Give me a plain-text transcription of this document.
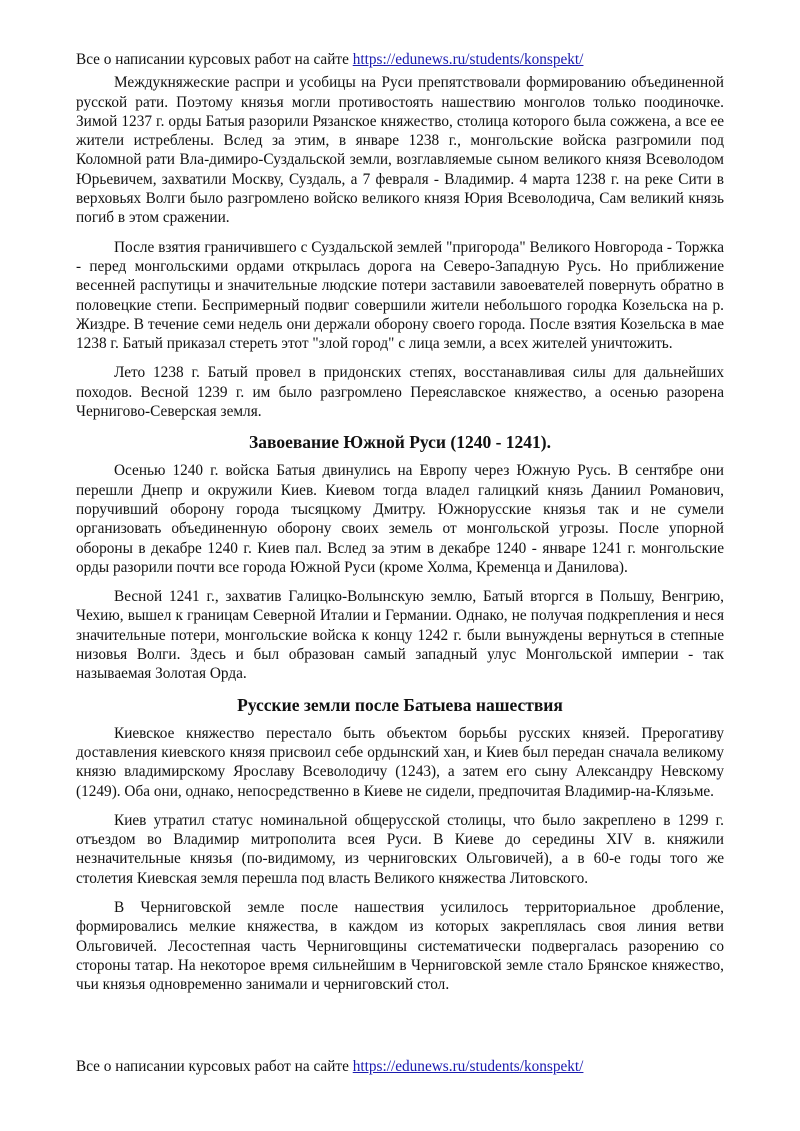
Все о написании курсовых работ на сайте https://edunews.ru/students/konspekt/

Междукняжеские распри и усобицы на Руси препятствовали формированию объединенной русской рати. Поэтому князья могли противостоять нашествию монголов только поодиночке. Зимой 1237 г. орды Батыя разорили Рязанское княжество, столица которого была сожжена, а все ее жители истреблены. Вслед за этим, в январе 1238 г., монгольские войска разгромили под Коломной рати Вла-димиро-Суздальской земли, возглавляемые сыном великого князя Всеволодом Юрьевичем, захватили Москву, Суздаль, а 7 февраля - Владимир. 4 марта 1238 г. на реке Сити в верховьях Волги было разгромлено войско великого князя Юрия Всеволодича, Сам великий князь погиб в этом сражении.

После взятия граничившего с Суздальской землей "пригорода" Великого Новгорода - Торжка - перед монгольскими ордами открылась дорога на Северо-Западную Русь. Но приближение весенней распутицы и значительные людские потери заставили завоевателей повернуть обратно в половецкие степи. Беспримерный подвиг совершили жители небольшого городка Козельска на р. Жиздре. В течение семи недель они держали оборону своего города. После взятия Козельска в мае 1238 г. Батый приказал стереть этот "злой город" с лица земли, а всех жителей уничтожить.

Лето 1238 г. Батый провел в придонских степях, восстанавливая силы для дальнейших походов. Весной 1239 г. им было разгромлено Переяславское княжество, а осенью разорена Чернигово-Северская земля.

Завоевание Южной Руси (1240 - 1241).

Осенью 1240 г. войска Батыя двинулись на Европу через Южную Русь. В сентябре они перешли Днепр и окружили Киев. Киевом тогда владел галицкий князь Даниил Романович, поручивший оборону города тысяцкому Дмитру. Южнорусские князья так и не сумели организовать объединенную оборону своих земель от монгольской угрозы. После упорной обороны в декабре 1240 г. Киев пал. Вслед за этим в декабре 1240 - январе 1241 г. монгольские орды разорили почти все города Южной Руси (кроме Холма, Кременца и Данилова).

Весной 1241 г., захватив Галицко-Волынскую землю, Батый вторгся в Польшу, Венгрию, Чехию, вышел к границам Северной Италии и Германии. Однако, не получая подкрепления и неся значительные потери, монгольские войска к концу 1242 г. были вынуждены вернуться в степные низовья Волги. Здесь и был образован самый западный улус Монгольской империи - так называемая Золотая Орда.

Русские земли после Батыева нашествия

Киевское княжество перестало быть объектом борьбы русских князей. Прерогативу доставления киевского князя присвоил себе ордынский хан, и Киев был передан сначала великому князю владимирскому Ярославу Всеволодичу (1243), а затем его сыну Александру Невскому (1249). Оба они, однако, непосредственно в Киеве не сидели, предпочитая Владимир-на-Клязьме.

Киев утратил статус номинальной общерусской столицы, что было закреплено в 1299 г. отъездом во Владимир митрополита всея Руси. В Киеве до середины XIV в. княжили незначительные князья (по-видимому, из черниговских Ольговичей), а в 60-е годы того же столетия Киевская земля перешла под власть Великого княжества Литовского.

В Черниговской земле после нашествия усилилось территориальное дробление, формировались мелкие княжества, в каждом из которых закреплялась своя линия ветви Ольговичей. Лесостепная часть Черниговщины систематически подвергалась разорению со стороны татар. На некоторое время сильнейшим в Черниговской земле стало Брянское княжество, чьи князья одновременно занимали и черниговский стол.

Все о написании курсовых работ на сайте https://edunews.ru/students/konspekt/
